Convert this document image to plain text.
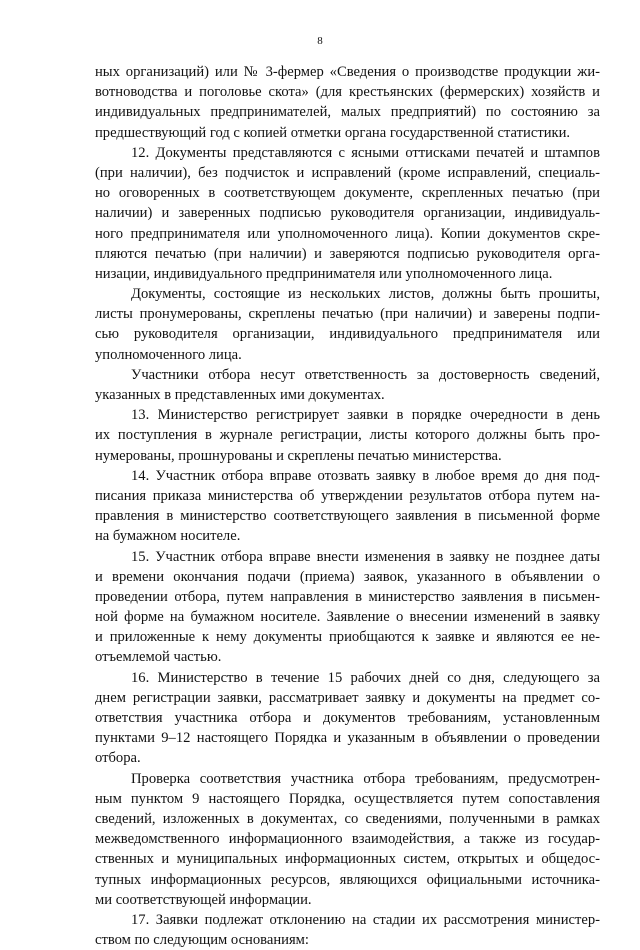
8
ных организаций) или № 3-фермер «Сведения о производстве продукции жи-
вотноводства и поголовье скота» (для крестьянских (фермерских) хозяйств и
индивидуальных предпринимателей, малых предприятий) по состоянию за
предшествующий год с копией отметки органа государственной статистики.
12. Документы представляются с ясными оттисками печатей и штампов
(при наличии), без подчисток и исправлений (кроме исправлений, специаль-
но оговоренных в соответствующем документе, скрепленных печатью (при
наличии) и заверенных подписью руководителя организации, индивидуаль-
ного предпринимателя или уполномоченного лица). Копии документов скре-
пляются печатью (при наличии) и заверяются подписью руководителя орга-
низации, индивидуального предпринимателя или уполномоченного лица.
Документы, состоящие из нескольких листов, должны быть прошиты,
листы пронумерованы, скреплены печатью (при наличии) и заверены подпи-
сью руководителя организации, индивидуального предпринимателя или
уполномоченного лица.
Участники отбора несут ответственность за достоверность сведений,
указанных в представленных ими документах.
13. Министерство регистрирует заявки в порядке очередности в день
их поступления в журнале регистрации, листы которого должны быть про-
нумерованы, прошнурованы и скреплены печатью министерства.
14. Участник отбора вправе отозвать заявку в любое время до дня под-
писания приказа министерства об утверждении результатов отбора путем на-
правления в министерство соответствующего заявления в письменной форме
на бумажном носителе.
15. Участник отбора вправе внести изменения в заявку не позднее даты
и времени окончания подачи (приема) заявок, указанного в объявлении о
проведении отбора, путем направления в министерство заявления в письмен-
ной форме на бумажном носителе. Заявление о внесении изменений в заявку
и приложенные к нему документы приобщаются к заявке и являются ее не-
отъемлемой частью.
16. Министерство в течение 15 рабочих дней со дня, следующего за
днем регистрации заявки, рассматривает заявку и документы на предмет со-
ответствия участника отбора и документов требованиям, установленным
пунктами 9–12 настоящего Порядка и указанным в объявлении о проведении
отбора.
Проверка соответствия участника отбора требованиям, предусмотрен-
ным пунктом 9 настоящего Порядка, осуществляется путем сопоставления
сведений, изложенных в документах, со сведениями, полученными в рамках
межведомственного информационного взаимодействия, а также из государ-
ственных и муниципальных информационных систем, открытых и общедос-
тупных информационных ресурсов, являющихся официальными источника-
ми соответствующей информации.
17. Заявки подлежат отклонению на стадии их рассмотрения министер-
ством по следующим основаниям:
